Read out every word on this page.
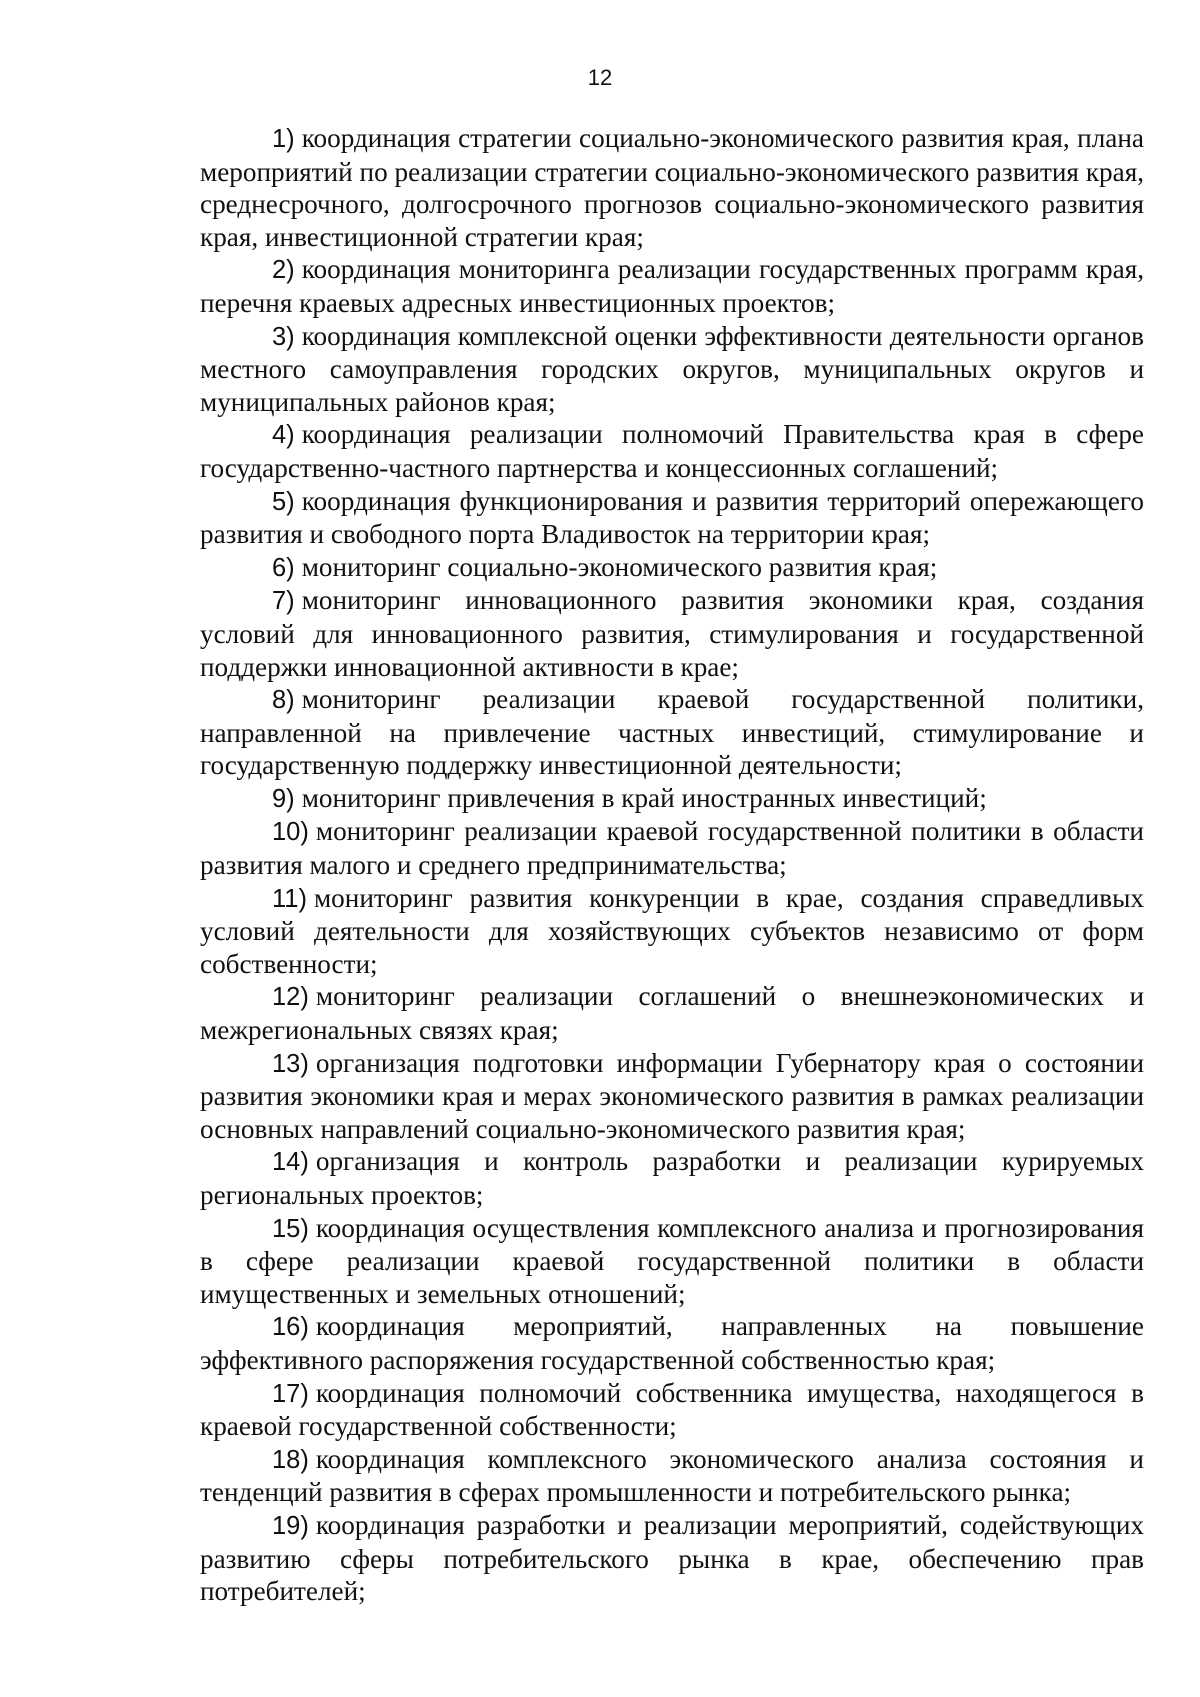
12

1) координация стратегии социально-экономического развития края, плана мероприятий по реализации стратегии социально-экономического развития края, среднесрочного, долгосрочного прогнозов социально-экономического развития края, инвестиционной стратегии края;

2) координация мониторинга реализации государственных программ края, перечня краевых адресных инвестиционных проектов;

3) координация комплексной оценки эффективности деятельности органов местного самоуправления городских округов, муниципальных округов и муниципальных районов края;

4) координация реализации полномочий Правительства края в сфере государственно-частного партнерства и концессионных соглашений;

5) координация функционирования и развития территорий опережающего развития и свободного порта Владивосток на территории края;

6) мониторинг социально-экономического развития края;

7) мониторинг инновационного развития экономики края, создания условий для инновационного развития, стимулирования и государственной поддержки инновационной активности в крае;

8) мониторинг реализации краевой государственной политики, направленной на привлечение частных инвестиций, стимулирование и государственную поддержку инвестиционной деятельности;

9) мониторинг привлечения в край иностранных инвестиций;

10) мониторинг реализации краевой государственной политики в области развития малого и среднего предпринимательства;

11) мониторинг развития конкуренции в крае, создания справедливых условий деятельности для хозяйствующих субъектов независимо от форм собственности;

12) мониторинг реализации соглашений о внешнеэкономических и межрегиональных связях края;

13) организация подготовки информации Губернатору края о состоянии развития экономики края и мерах экономического развития в рамках реализации основных направлений социально-экономического развития края;

14) организация и контроль разработки и реализации курируемых региональных проектов;

15) координация осуществления комплексного анализа и прогнозирования в сфере реализации краевой государственной политики в области имущественных и земельных отношений;

16) координация мероприятий, направленных на повышение эффективного распоряжения государственной собственностью края;

17) координация полномочий собственника имущества, находящегося в краевой государственной собственности;

18) координация комплексного экономического анализа состояния и тенденций развития в сферах промышленности и потребительского рынка;

19) координация разработки и реализации мероприятий, содействующих развитию сферы потребительского рынка в крае, обеспечению прав потребителей;
